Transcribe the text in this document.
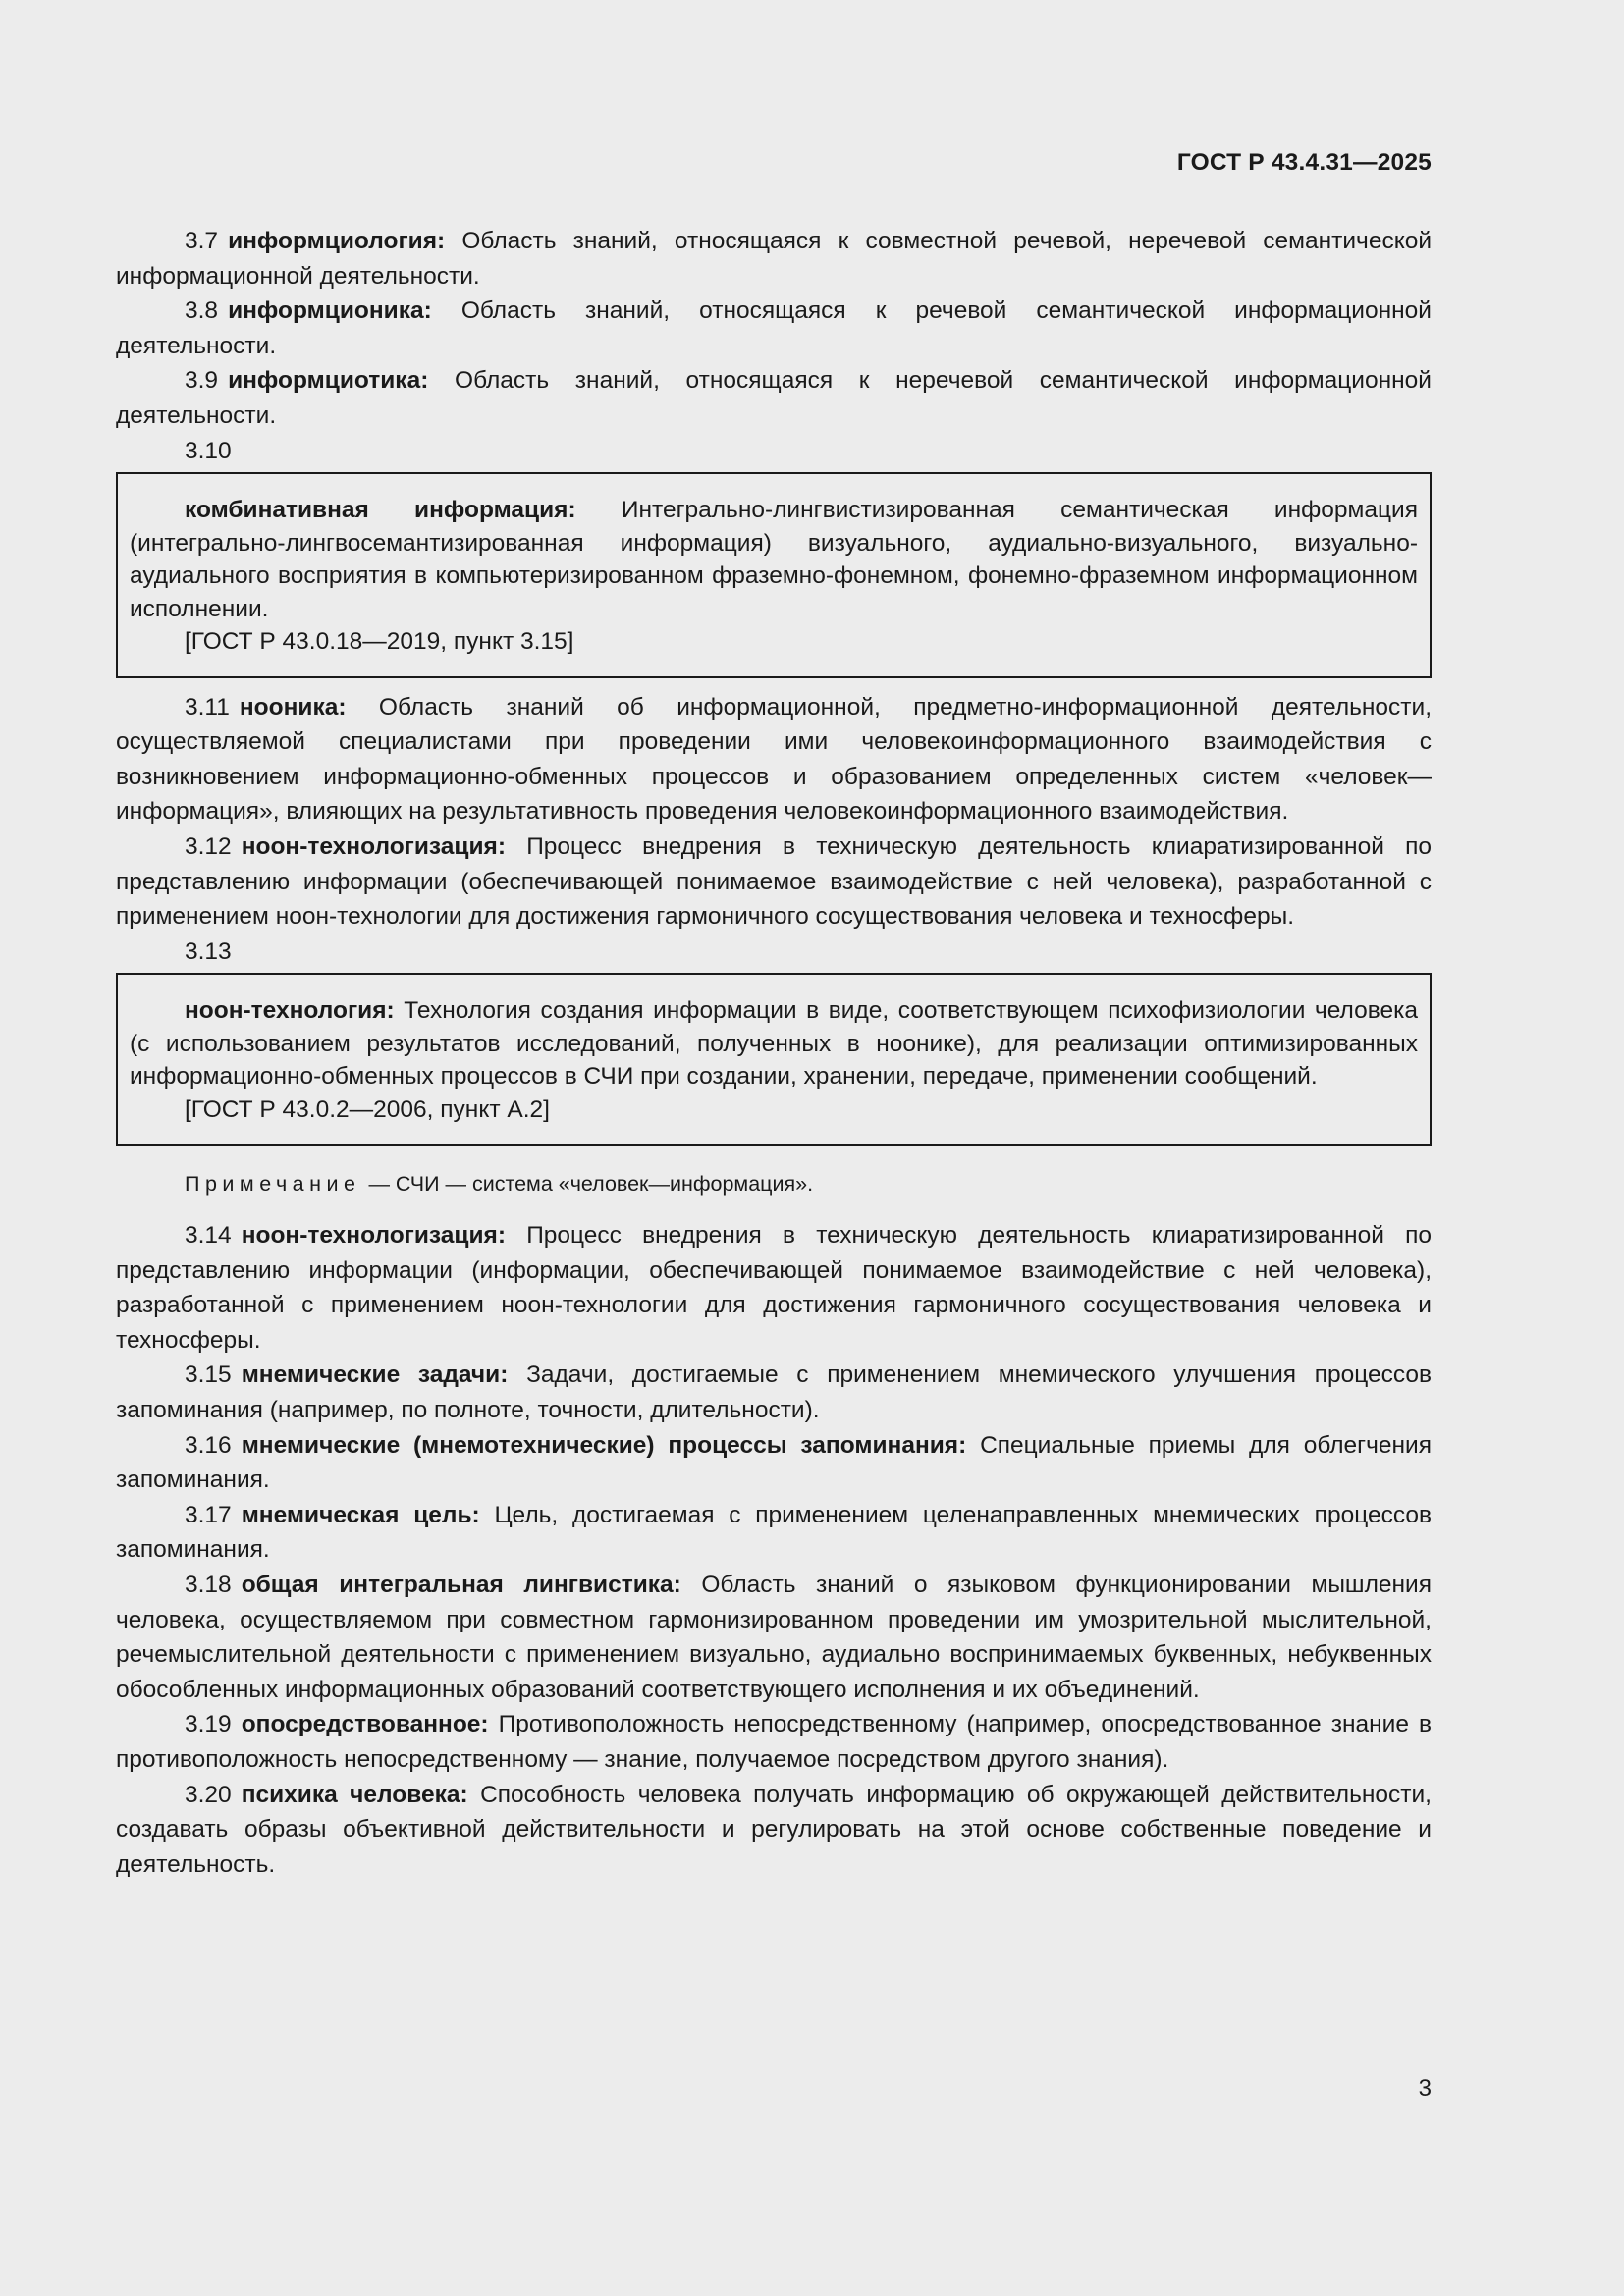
ГОСТ Р 43.4.31—2025

3.7 информциология: Область знаний, относящаяся к совместной речевой, неречевой семантической информационной деятельности.

3.8 информционика: Область знаний, относящаяся к речевой семантической информационной деятельности.

3.9 информциотика: Область знаний, относящаяся к неречевой семантической информационной деятельности.

3.10

комбинативная информация: Интегрально-лингвистизированная семантическая информация (интегрально-лингвосемантизированная информация) визуального, аудиально-визуального, визуально-аудиального восприятия в компьютеризированном фраземно-фонемном, фонемно-фраземном информационном исполнении.

[ГОСТ Р 43.0.18—2019, пункт 3.15]

3.11 нооника: Область знаний об информационной, предметно-информационной деятельности, осуществляемой специалистами при проведении ими человекоинформационного взаимодействия с возникновением информационно-обменных процессов и образованием определенных систем «человек—информация», влияющих на результативность проведения человекоинформационного взаимодействия.

3.12 ноон-технологизация: Процесс внедрения в техническую деятельность клиаратизированной по представлению информации (обеспечивающей понимаемое взаимодействие с ней человека), разработанной с применением ноон-технологии для достижения гармоничного сосуществования человека и техносферы.

3.13

ноон-технология: Технология создания информации в виде, соответствующем психофизиологии человека (с использованием результатов исследований, полученных в ноонике), для реализации оптимизированных информационно-обменных процессов в СЧИ при создании, хранении, передаче, применении сообщений.

[ГОСТ Р 43.0.2—2006, пункт А.2]

Примечание — СЧИ — система «человек—информация».

3.14 ноон-технологизация: Процесс внедрения в техническую деятельность клиаратизированной по представлению информации (информации, обеспечивающей понимаемое взаимодействие с ней человека), разработанной с применением ноон-технологии для достижения гармоничного сосуществования человека и техносферы.

3.15 мнемические задачи: Задачи, достигаемые с применением мнемического улучшения процессов запоминания (например, по полноте, точности, длительности).

3.16 мнемические (мнемотехнические) процессы запоминания: Специальные приемы для облегчения запоминания.

3.17 мнемическая цель: Цель, достигаемая с применением целенаправленных мнемических процессов запоминания.

3.18 общая интегральная лингвистика: Область знаний о языковом функционировании мышления человека, осуществляемом при совместном гармонизированном проведении им умозрительной мыслительной, речемыслительной деятельности с применением визуально, аудиально воспринимаемых буквенных, небуквенных обособленных информационных образований соответствующего исполнения и их объединений.

3.19 опосредствованное: Противоположность непосредственному (например, опосредствованное знание в противоположность непосредственному — знание, получаемое посредством другого знания).

3.20 психика человека: Способность человека получать информацию об окружающей действительности, создавать образы объективной действительности и регулировать на этой основе собственные поведение и деятельность.

3
